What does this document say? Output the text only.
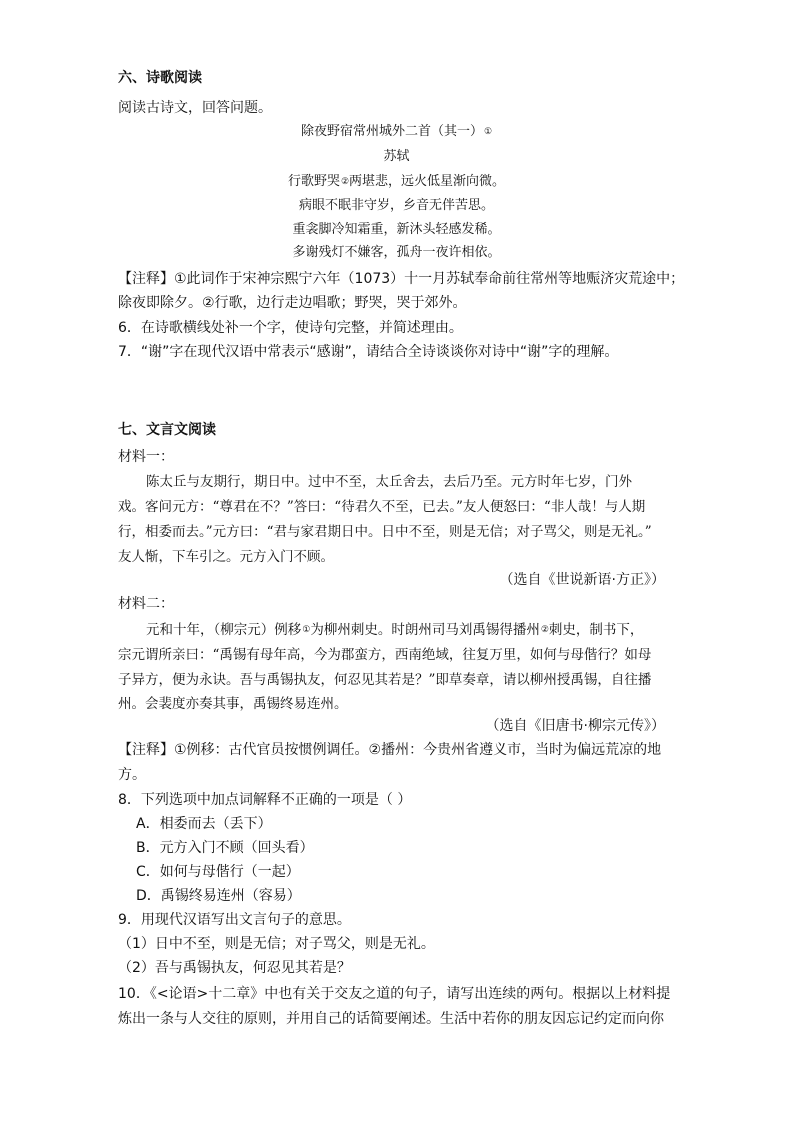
六、诗歌阅读
阅读古诗文，回答问题。
除夜野宿常州城外二首（其一）①
苏轼
行歌野哭②两堪悲，远火低星渐向微。
病眼不眠非守岁，乡音无伴苦思。
重衾脚冷知霜重，新沐头轻感发稀。
多谢残灯不嫌客，孤舟一夜许相依。
【注释】①此词作于宋神宗熙宁六年（1073）十一月苏轼奉命前往常州等地赈济灾荒途中；
除夜即除夕。②行歌，边行走边唱歌；野哭，哭于郊外。
6．在诗歌横线处补一个字，使诗句完整，并简述理由。
7．“谢”字在现代汉语中常表示“感谢”，请结合全诗谈谈你对诗中“谢”字的理解。
七、文言文阅读
材料一：
陈太丘与友期行，期日中。过中不至，太丘舍去，去后乃至。元方时年七岁，门外
戏。客问元方：“尊君在不？”答曰：“待君久不至，已去。”友人便怒曰：“非人哉！与人期
行，相委而去。”元方曰：“君与家君期日中。日中不至，则是无信；对子骂父，则是无礼。”
友人惭，下车引之。元方入门不顾。
（选自《世说新语·方正》）
材料二：
元和十年，（柳宗元）例移①为柳州刺史。时朗州司马刘禹锡得播州②刺史，制书下，
宗元谓所亲曰：“禹锡有母年高，今为郡蛮方，西南绝域，往复万里，如何与母偕行？如母
子异方，便为永诀。吾与禹锡执友，何忍见其若是？”即草奏章，请以柳州授禹锡，自往播
州。会裴度亦奏其事，禹锡终易连州。
（选自《旧唐书·柳宗元传》）
【注释】①例移：古代官员按惯例调任。②播州：今贵州省遵义市，当时为偏远荒凉的地
方。
8．下列选项中加点词解释不正确的一项是（ ）
A．相委而去（丢下）
B．元方入门不顾（回头看）
C．如何与母偕行（一起）
D．禹锡终易连州（容易）
9．用现代汉语写出文言句子的意思。
（1）日中不至，则是无信；对子骂父，则是无礼。
（2）吾与禹锡执友，何忍见其若是？
10．《<论语>十二章》中也有关于交友之道的句子，请写出连续的两句。根据以上材料提
炼出一条与人交往的原则，并用自己的话简要阐述。生活中若你的朋友因忘记约定而向你
